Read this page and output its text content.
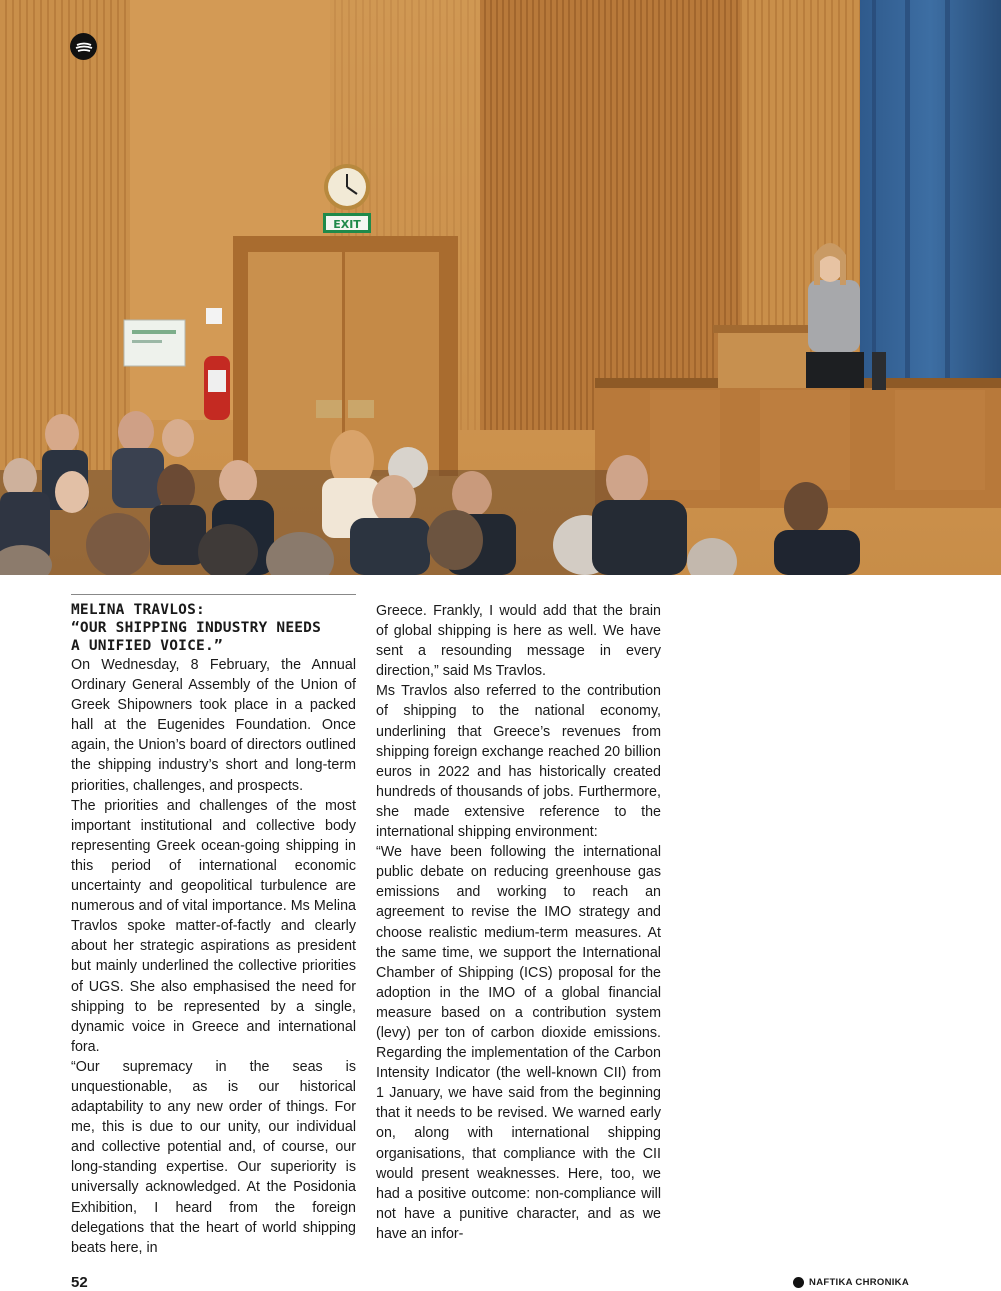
EXIT
MELINA TRAVLOS:
“OUR SHIPPING INDUSTRY NEEDS
A UNIFIED VOICE.”

On Wednesday, 8 February, the Annual Ordinary General Assembly of the Union of Greek Shipowners took place in a packed hall at the Eugenides Foundation. Once again, the Union’s board of directors outlined the shipping industry’s short and long-term priorities, challenges, and prospects.

The priorities and challenges of the most important institutional and collective body representing Greek ocean-going shipping in this period of international economic uncertainty and geopolitical turbulence are numerous and of vital importance. Ms Melina Travlos spoke matter-of-factly and clearly about her strategic aspirations as president but mainly underlined the collective priorities of UGS. She also emphasised the need for shipping to be represented by a single, dynamic voice in Greece and international fora.

“Our supremacy in the seas is unquestionable, as is our historical adaptability to any new order of things. For me, this is due to our unity, our individual and collective potential and, of course, our long-standing expertise. Our superiority is universally acknowledged. At the Posidonia Exhibition, I heard from the foreign delegations that the heart of world shipping beats here, in

Greece. Frankly, I would add that the brain of global shipping is here as well. We have sent a resounding message in every direction,” said Ms Travlos.

Ms Travlos also referred to the contribution of shipping to the national economy, underlining that Greece’s revenues from shipping foreign exchange reached 20 billion euros in 2022 and has historically created hundreds of thousands of jobs. Furthermore, she made extensive reference to the international shipping environment:

“We have been following the international public debate on reducing greenhouse gas emissions and working to reach an agreement to revise the IMO strategy and choose realistic medium-term measures. At the same time, we support the International Chamber of Shipping (ICS) proposal for the adoption in the IMO of a global financial measure based on a contribution system (levy) per ton of carbon dioxide emissions. Regarding the implementation of the Carbon Intensity Indicator (the well-known CII) from 1 January, we have said from the beginning that it needs to be revised. We warned early on, along with international shipping organisations, that compliance with the CII would present weaknesses. Here, too, we had a positive outcome: non-compliance will not have a punitive character, and as we have an infor-

52	NAFTIKA CHRONIKA
